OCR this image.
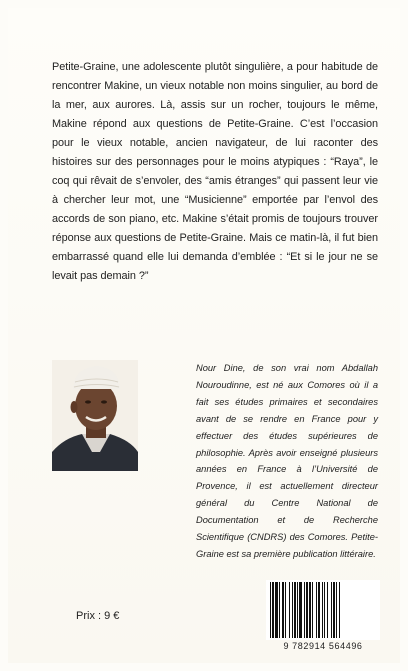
Petite-Graine, une adolescente plutôt singulière, a pour habitude de rencontrer Makine, un vieux notable non moins singulier, au bord de la mer, aux aurores. Là, assis sur un rocher, toujours le même, Makine répond aux questions de Petite-Graine. C’est l’occasion pour le vieux notable, ancien navigateur, de lui raconter des histoires sur des personnages pour le moins atypiques : “Raya”, le coq qui rêvait de s’envoler, des “amis étranges” qui passent leur vie à chercher leur mot, une “Musicienne” emportée par l’envol des accords de son piano, etc. Makine s’était promis de toujours trouver réponse aux questions de Petite-Graine. Mais ce matin-là, il fut bien embarrassé quand elle lui demanda d’emblée : “Et si le jour ne se levait pas demain ?”

Nour Dine, de son vrai nom Abdallah Nouroudinne, est né aux Comores où il a fait ses études primaires et secondaires avant de se rendre en France pour y effectuer des études supérieures de philosophie. Après avoir enseigné plusieurs années en France à l’Université de Provence, il est actuellement directeur général du Centre National de Documentation et de Recherche Scientifique (CNDRS) des Comores. Petite-Graine est sa première publication littéraire.

Prix : 9 €

9 782914 564496
